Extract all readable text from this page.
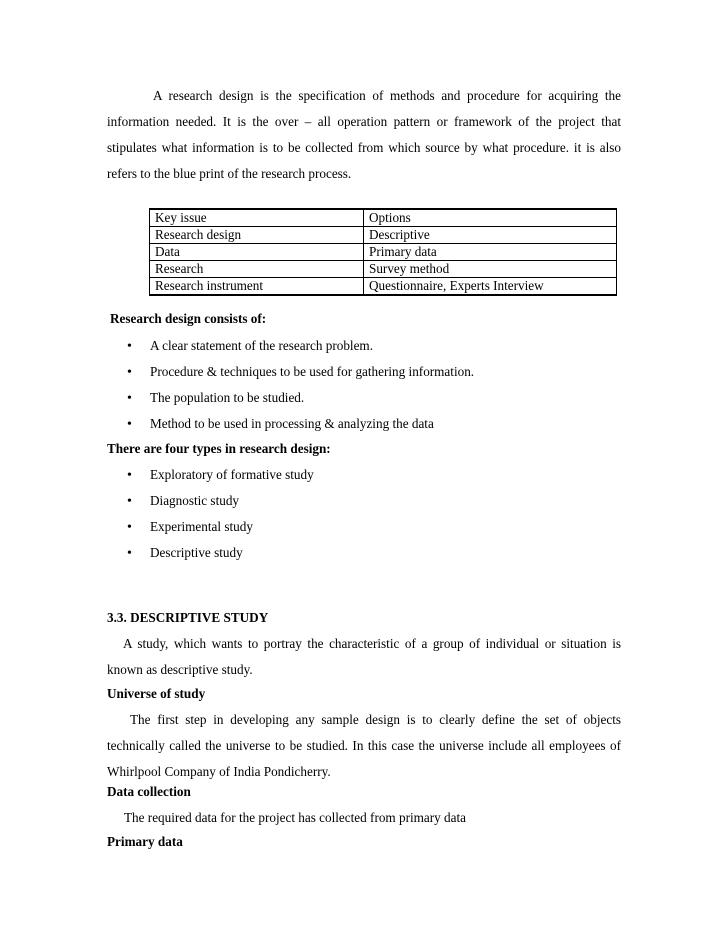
A research design is the specification of methods and procedure for acquiring the information needed. It is the over – all operation pattern or framework of the project that stipulates what information is to be collected from which source by what procedure. it is also refers to the blue print of the research process.

Key issue	Options
Research design	Descriptive
Data	Primary data
Research	Survey method
Research instrument	Questionnaire, Experts Interview

Research design consists of:

• A clear statement of the research problem.
• Procedure & techniques to be used for gathering information.
• The population to be studied.
• Method to be used in processing & analyzing the data

There are four types in research design:

• Exploratory of formative study
• Diagnostic study
• Experimental study
• Descriptive study

3.3. DESCRIPTIVE STUDY

A study, which wants to portray the characteristic of a group of individual or situation is known as descriptive study.

Universe of study

The first step in developing any sample design is to clearly define the set of objects technically called the universe to be studied. In this case the universe include all employees of Whirlpool Company of India Pondicherry.

Data collection

The required data for the project has collected from primary data

Primary data
